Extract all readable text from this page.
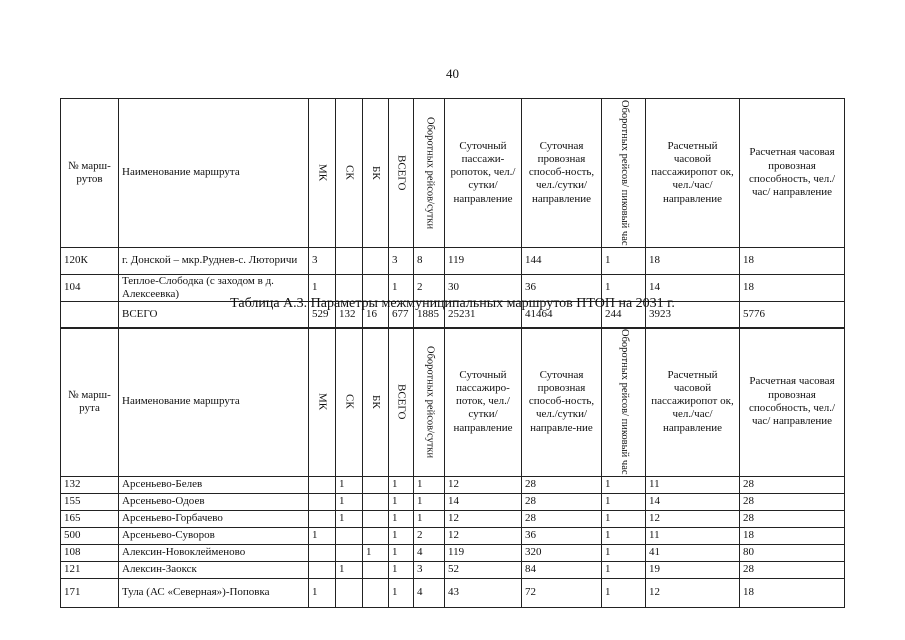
40
№ марш-рутов	Наименование маршрута	МК	СК	БК	ВСЕГО	Оборотных рейсов/сутки	Суточный пассажи-ропоток, чел./сутки/ направление	Суточная провозная способ-ность, чел./сутки/ направление	Оборотных рейсов/ пиковый час	Расчетный часовой пассажиропот ок, чел./час/ направление	Расчетная часовая провозная способность, чел./час/ направление
120К	г. Донской – мкр.Руднев-с. Люторичи	3			3	8	119	144	1	18	18
104	Теплое-Слободка (с заходом в д. Алексеевка)	1			1	2	30	36	1	14	18
	ВСЕГО	529	132	16	677	1885	25231	41464	244	3923	5776
Таблица А.3. Параметры межмуниципальных маршрутов ПТОП на 2031 г.
№ марш-рута	Наименование маршрута	МК	СК	БК	ВСЕГО	Оборотных рейсов/сутки	Суточный пассажиро-поток, чел./сутки/ направление	Суточная провозная способ-ность, чел./сутки/ направле-ние	Оборотных рейсов/ пиковый час	Расчетный часовой пассажиропот ок, чел./час/ направление	Расчетная часовая провозная способность, чел./час/ направление
132	Арсеньево-Белев		1		1	1	12	28	1	11	28
155	Арсеньево-Одоев		1		1	1	14	28	1	14	28
165	Арсеньево-Горбачево		1		1	1	12	28	1	12	28
500	Арсеньево-Суворов	1			1	2	12	36	1	11	18
108	Алексин-Новоклейменово			1	1	4	119	320	1	41	80
121	Алексин-Заокск		1		1	3	52	84	1	19	28
171	Тула (АС «Северная»)-Поповка	1			1	4	43	72	1	12	18
